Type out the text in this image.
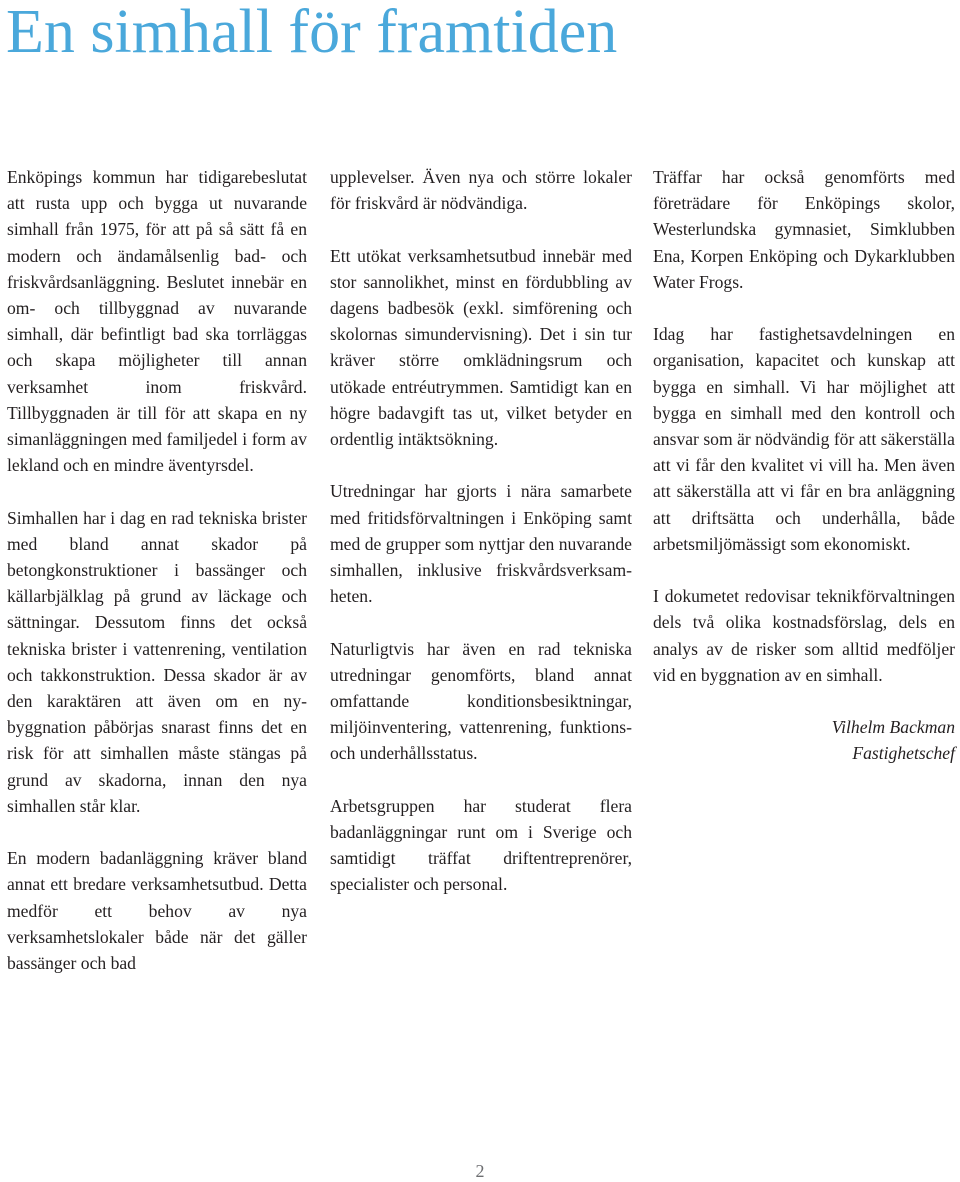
En simhall för framtiden

Enköpings kommun har tidigarebeslutat att rusta upp och bygga ut nuvarande simhall från 1975, för att på så sätt få en modern och ändamålsenlig bad- och friskvårdsanläggning. Beslutet innebär en om- och tillbyggnad av nuvarande simhall, där befintligt bad ska torrläggas och skapa möjligheter till annan verksamhet inom friskvård. Tillbyggnaden är till för att skapa en ny simanläggningen med familjedel i form av lekland och en mindre äventyrsdel.

Simhallen har i dag en rad tekniska brister med bland annat skador på betongkonstruktioner i bassänger och källarbjälklag på grund av läckage och sättningar. Dessutom finns det också tekniska brister i vattenrening, ventilation och takkonstruktion. Dessa skador är av den karaktären att även om en nybyggnation påbörjas snarast finns det en risk för att simhallen måste stängas på grund av skadorna, innan den nya simhallen står klar.

En modern badanläggning kräver bland annat ett bredare verksamhetsutbud. Detta medför ett behov av nya verksamhetslokaler både när det gäller bassänger och bad

upplevelser. Även nya och större lokaler för friskvård är nödvändiga.

Ett utökat verksamhetsutbud innebär med stor sannolikhet, minst en fördubbling av dagens badbesök (exkl. simförening och skolornas simundervisning). Det i sin tur kräver större omklädningsrum och utökade entréutrymmen. Samtidigt kan en högre badavgift tas ut, vilket betyder en ordentlig intäktsökning.

Utredningar har gjorts i nära samarbete med fritidsförvaltningen i Enköping samt med de grupper som nyttjar den nuvarande simhallen, inklusive friskvårdsverksamheten.

Naturligtvis har även en rad tekniska utredningar genomförts, bland annat omfattande konditionsbesiktningar, miljöinventering, vattenrening, funktions- och underhållsstatus.

Arbetsgruppen har studerat flera badanläggningar runt om i Sverige och samtidigt träffat driftentreprenörer, specialister och personal.

Träffar har också genomförts med företrädare för Enköpings skolor, Westerlundska gymnasiet, Simklubben Ena, Korpen Enköping och Dykarklubben Water Frogs.

Idag har fastighetsavdelningen en organisation, kapacitet och kunskap att bygga en simhall. Vi har möjlighet att bygga en simhall med den kontroll och ansvar som är nödvändig för att säkerställa att vi får den kvalitet vi vill ha. Men även att säkerställa att vi får en bra anläggning att driftsätta och underhålla, både arbetsmiljömässigt som ekonomiskt.

I dokumetet redovisar teknikförvaltningen dels två olika kostnadsförslag, dels en analys av de risker som alltid medföljer vid en byggnation av en simhall.

Vilhelm Backman
Fastighetschef
2
